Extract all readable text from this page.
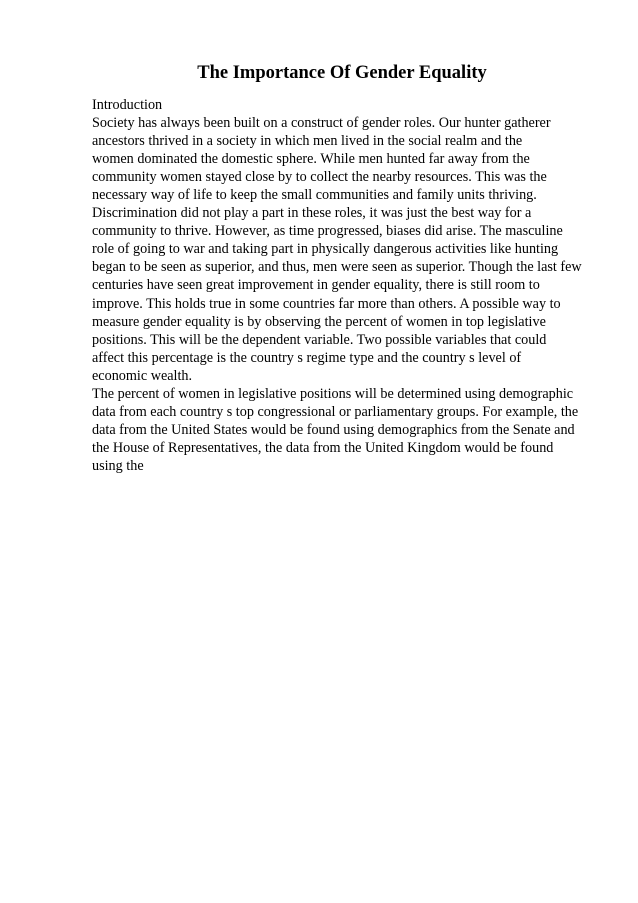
The Importance Of Gender Equality
Introduction
Society has always been built on a construct of gender roles. Our hunter gatherer
ancestors thrived in a society in which men lived in the social realm and the
women dominated the domestic sphere. While men hunted far away from the
community women stayed close by to collect the nearby resources. This was the
necessary way of life to keep the small communities and family units thriving.
Discrimination did not play a part in these roles, it was just the best way for a
community to thrive. However, as time progressed, biases did arise. The masculine
role of going to war and taking part in physically dangerous activities like hunting
began to be seen as superior, and thus, men were seen as superior. Though the last few
centuries have seen great improvement in gender equality, there is still room to
improve. This holds true in some countries far more than others. A possible way to
measure gender equality is by observing the percent of women in top legislative
positions. This will be the dependent variable. Two possible variables that could
affect this percentage is the country s regime type and the country s level of
economic wealth.
The percent of women in legislative positions will be determined using demographic
data from each country s top congressional or parliamentary groups. For example, the
data from the United States would be found using demographics from the Senate and
the House of Representatives, the data from the United Kingdom would be found
using the
